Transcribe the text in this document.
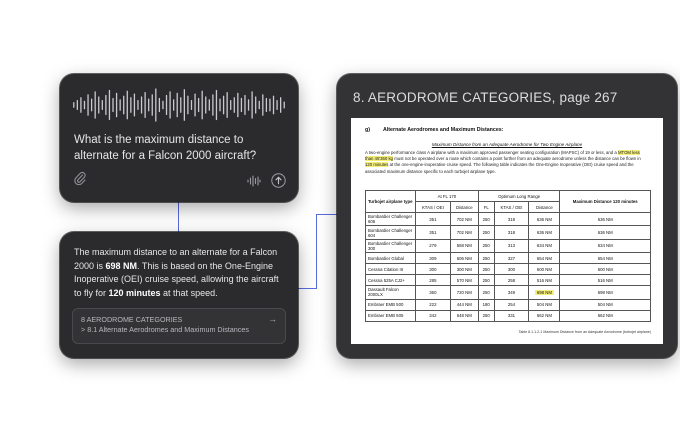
What is the maximum distance to alternate for a Falcon 2000 aircraft?
The maximum distance to an alternate for a Falcon 2000 is 698 NM. This is based on the One-Engine Inoperative (OEI) cruise speed, allowing the aircraft to fly for 120 minutes at that speed.
8 AERODROME CATEGORIES
> 8.1 Alternate Aerodromes and Maximum Distances
→
8. AERODROME CATEGORIES, page 267
g) Alternate Aerodromes and Maximum Distances:
Maximum Distance from an Adequate Aerodrome for Two Engine Airplane
A two-engine performance class A airplane with a maximum approved passenger seating configuration (MAPSC) of 19 or less, and a MTOM less than 45'360 kg must not be operated over a route which contains a point further from an adequate aerodrome unless the distance can be flown in 120 minutes at the one-engine-inoperative cruise speed. The following table indicates the One-Engine Inoperative (OEI) cruise speed and the associated maximum distance specific to each turbojet airplane type.
Turbojet airplane type	At FL 170		Optimum Long Range			Maximum Distance 120 minutes
	KTAS / OEI	Distance	FL	KTAS / OEI	Distance	
Bombardier Challenger 605	351	702 NM	250	318	636 NM	636 NM
Bombardier Challenger 604	351	702 NM	250	318	636 NM	636 NM
Bombardier Challenger 300	279	558 NM	250	313	634 NM	634 NM
Bombardier Global	309	606 NM	250	327	654 NM	654 NM
Cessna Citation III	300	300 NM	250	300	600 NM	600 NM
Cessna 525A CJ2+	285	570 NM	250	258	516 NM	516 NM
Dassault Falcon 2000LX	360	720 NM	250	349	698 NM	698 NM
Embraer EMB 500	222	444 NM	180	254	504 NM	504 NM
Embraer EMB 505	342	648 NM	250	331	662 NM	662 NM
Table 8.1.1.2-1 Maximum Distance from an Adequate Aerodrome (turbojet airplane)
